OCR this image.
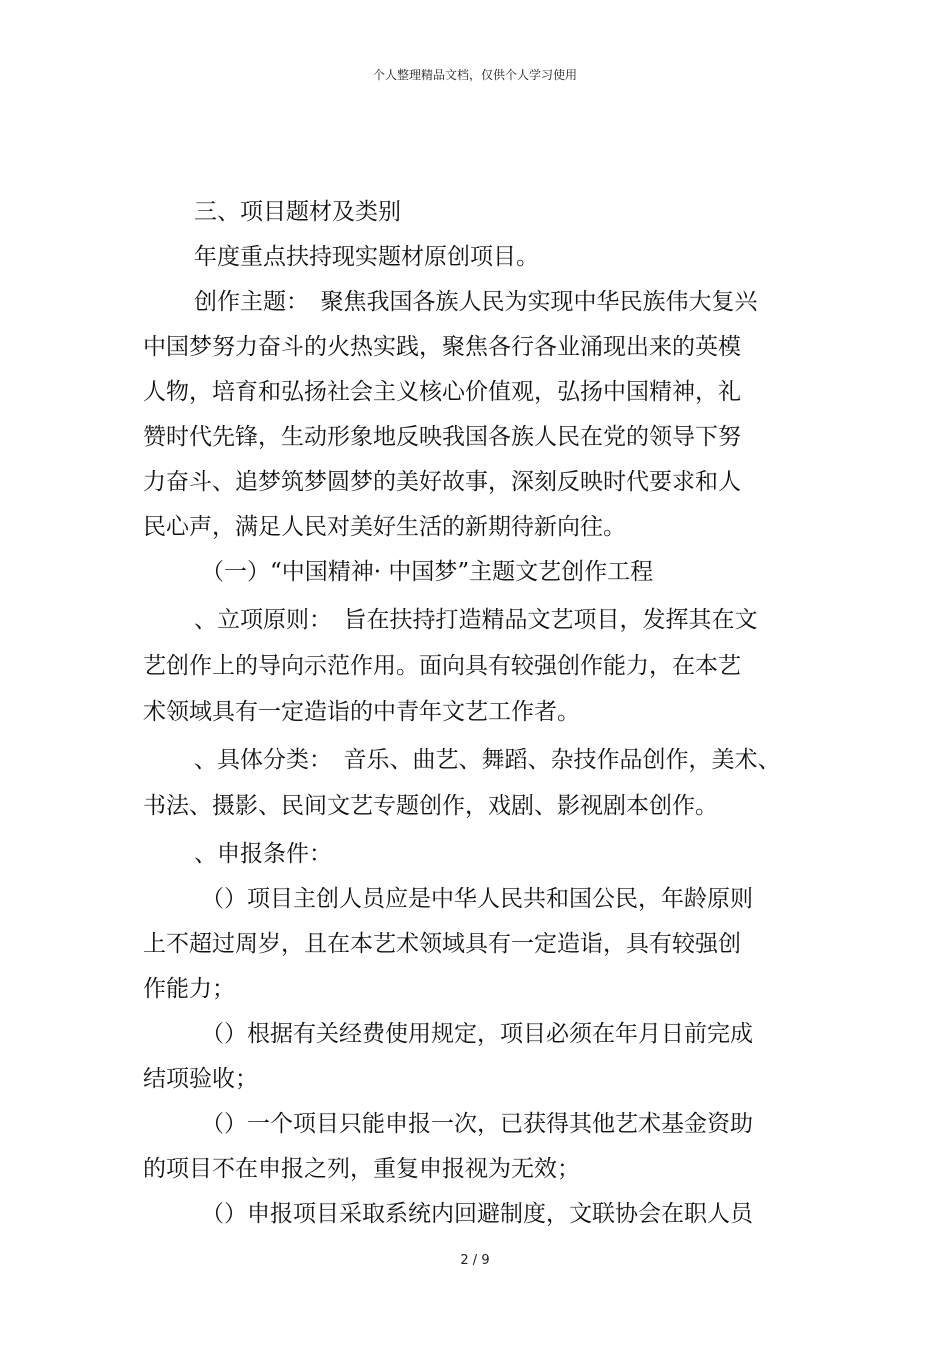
个人整理精品文档，仅供个人学习使用
三、项目题材及类别
年度重点扶持现实题材原创项目。
创作主题：　聚焦我国各族人民为实现中华民族伟大复兴
中国梦努力奋斗的火热实践，聚焦各行各业涌现出来的英模
人物，培育和弘扬社会主义核心价值观，弘扬中国精神，礼
赞时代先锋，生动形象地反映我国各族人民在党的领导下努
力奋斗、追梦筑梦圆梦的美好故事，深刻反映时代要求和人
民心声，满足人民对美好生活的新期待新向往。
（一）“中国精神· 中国梦”主题文艺创作工程
、立项原则：　旨在扶持打造精品文艺项目，发挥其在文
艺创作上的导向示范作用。面向具有较强创作能力，在本艺
术领域具有一定造诣的中青年文艺工作者。
、具体分类：　音乐、曲艺、舞蹈、杂技作品创作，美术、
书法、摄影、民间文艺专题创作，戏剧、影视剧本创作。
、申报条件：
（）项目主创人员应是中华人民共和国公民，年龄原则
上不超过周岁，且在本艺术领域具有一定造诣，具有较强创
作能力；
（）根据有关经费使用规定，项目必须在年月日前完成
结项验收；
（）一个项目只能申报一次，已获得其他艺术基金资助
的项目不在申报之列，重复申报视为无效；
（）申报项目采取系统内回避制度，文联协会在职人员
2 / 9
